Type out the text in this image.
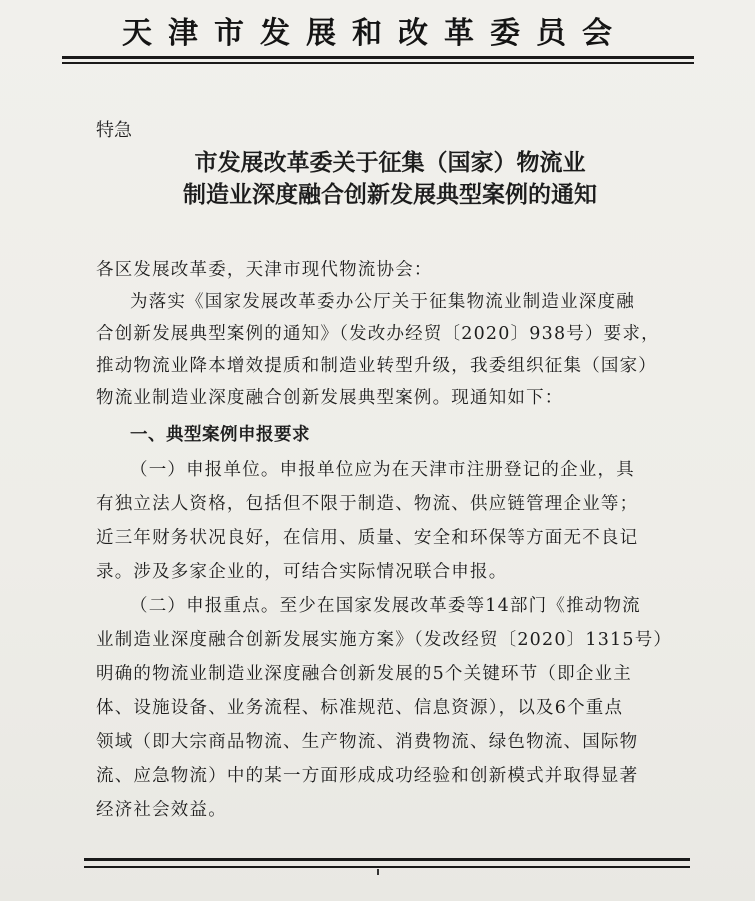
天津市发展和改革委员会
特急
市发展改革委关于征集（国家）物流业
制造业深度融合创新发展典型案例的通知
各区发展改革委，天津市现代物流协会：
为落实《国家发展改革委办公厅关于征集物流业制造业深度融
合创新发展典型案例的通知》（发改办经贸〔2020〕938号）要求，
推动物流业降本增效提质和制造业转型升级，我委组织征集（国家）
物流业制造业深度融合创新发展典型案例。现通知如下：
一、典型案例申报要求
（一）申报单位。申报单位应为在天津市注册登记的企业，具
有独立法人资格，包括但不限于制造、物流、供应链管理企业等；
近三年财务状况良好，在信用、质量、安全和环保等方面无不良记
录。涉及多家企业的，可结合实际情况联合申报。
（二）申报重点。至少在国家发展改革委等14部门《推动物流
业制造业深度融合创新发展实施方案》（发改经贸〔2020〕1315号）
明确的物流业制造业深度融合创新发展的5个关键环节（即企业主
体、设施设备、业务流程、标准规范、信息资源），以及6个重点
领域（即大宗商品物流、生产物流、消费物流、绿色物流、国际物
流、应急物流）中的某一方面形成成功经验和创新模式并取得显著
经济社会效益。
